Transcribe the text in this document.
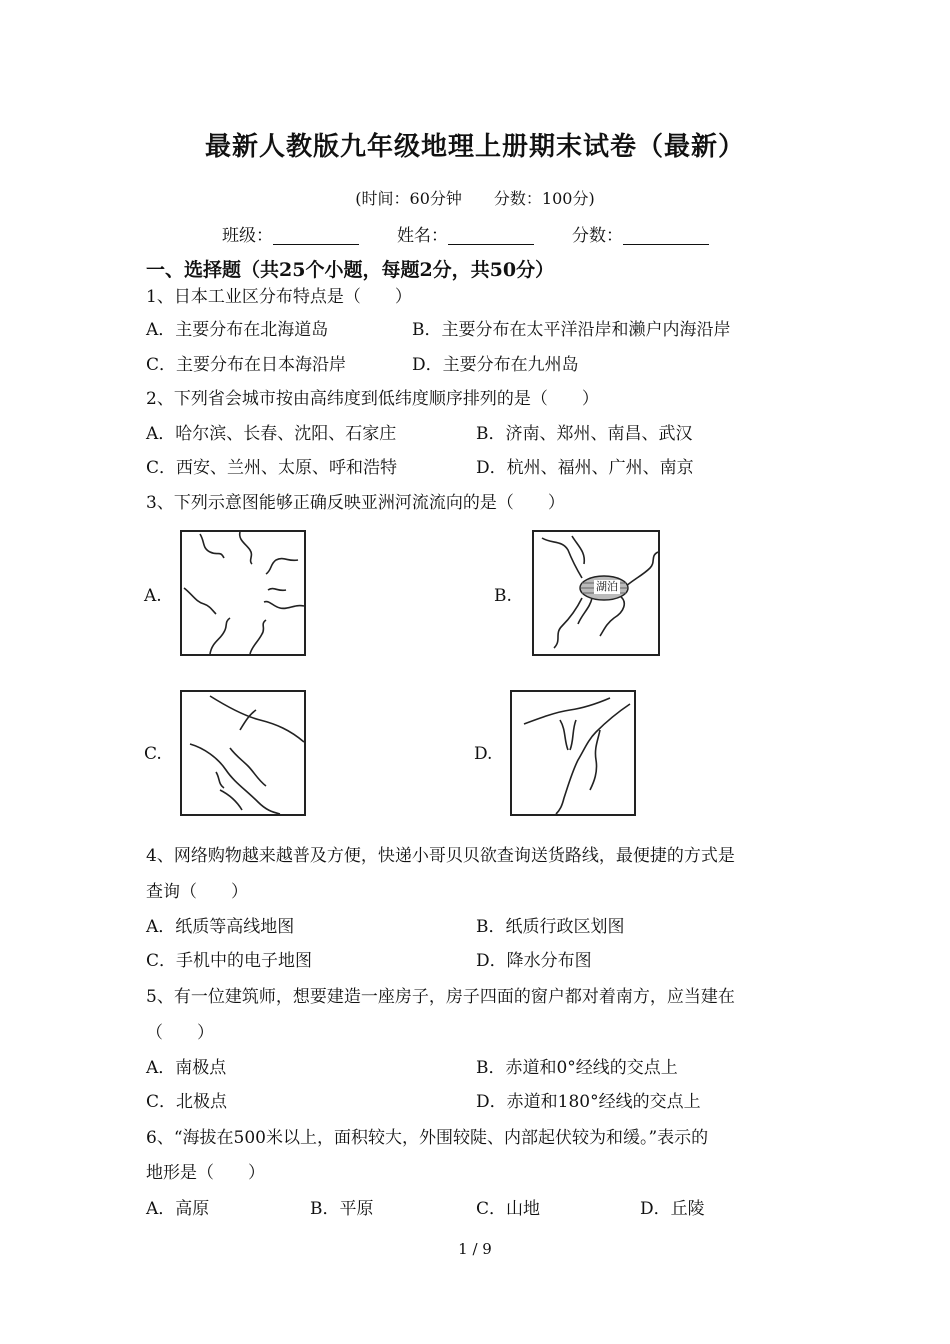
最新人教版九年级地理上册期末试卷（最新）
(时间：60分钟　　分数：100分)
班级：	姓名：	分数：
一、选择题（共25个小题，每题2分，共50分）
1、日本工业区分布特点是（　　）
A．主要分布在北海道岛	B．主要分布在太平洋沿岸和濑户内海沿岸
C．主要分布在日本海沿岸	D．主要分布在九州岛
2、下列省会城市按由高纬度到低纬度顺序排列的是（　　）
A．哈尔滨、长春、沈阳、石家庄	B．济南、郑州、南昌、武汉
C．西安、兰州、太原、呼和浩特	D．杭州、福州、广州、南京
3、下列示意图能够正确反映亚洲河流流向的是（　　）
A.	B.	湖泊
C.	D.
4、网络购物越来越普及方便，快递小哥贝贝欲查询送货路线，最便捷的方式是
查询（　　）
A．纸质等高线地图	B．纸质行政区划图
C．手机中的电子地图	D．降水分布图
5、有一位建筑师，想要建造一座房子，房子四面的窗户都对着南方，应当建在
（　　）
A．南极点	B．赤道和0°经线的交点上
C．北极点	D．赤道和180°经线的交点上
6、“海拔在500米以上，面积较大，外围较陡、内部起伏较为和缓。”表示的
地形是（　　）
A．高原	B．平原	C．山地	D．丘陵
1 / 9
